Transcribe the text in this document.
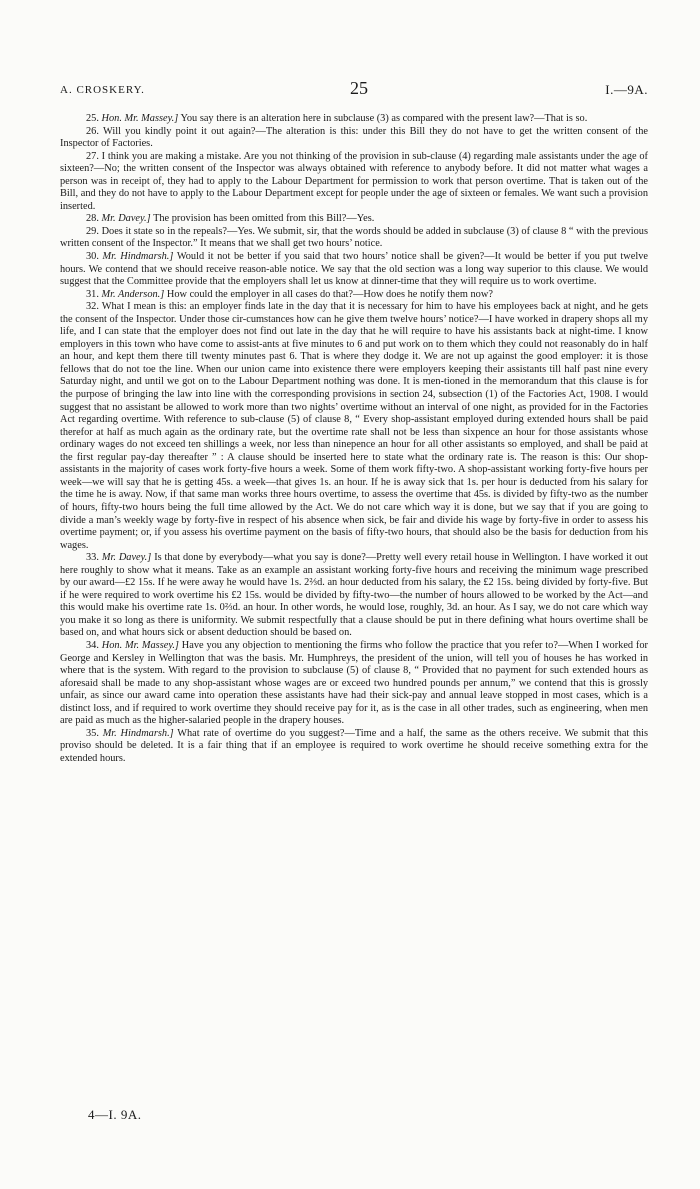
A. CROSKERY.	25	I.—9A.

25. Hon. Mr. Massey.] You say there is an alteration here in subclause (3) as compared with the present law?—That is so.

26. Will you kindly point it out again?—The alteration is this: under this Bill they do not have to get the written consent of the Inspector of Factories.

27. I think you are making a mistake. Are you not thinking of the provision in sub-clause (4) regarding male assistants under the age of sixteen?—No; the written consent of the Inspector was always obtained with reference to anybody before. It did not matter what wages a person was in receipt of, they had to apply to the Labour Department for permission to work that person overtime. That is taken out of the Bill, and they do not have to apply to the Labour Department except for people under the age of sixteen or females. We want such a provision inserted.

28. Mr. Davey.] The provision has been omitted from this Bill?—Yes.

29. Does it state so in the repeals?—Yes. We submit, sir, that the words should be added in subclause (3) of clause 8 “ with the previous written consent of the Inspector.” It means that we shall get two hours’ notice.

30. Mr. Hindmarsh.] Would it not be better if you said that two hours’ notice shall be given?—It would be better if you put twelve hours. We contend that we should receive reason-able notice. We say that the old section was a long way superior to this clause. We would suggest that the Committee provide that the employers shall let us know at dinner-time that they will require us to work overtime.

31. Mr. Anderson.] How could the employer in all cases do that?—How does he notify them now?

32. What I mean is this: an employer finds late in the day that it is necessary for him to have his employees back at night, and he gets the consent of the Inspector. Under those cir-cumstances how can he give them twelve hours’ notice?—I have worked in drapery shops all my life, and I can state that the employer does not find out late in the day that he will require to have his assistants back at night-time. I know employers in this town who have come to assist-ants at five minutes to 6 and put work on to them which they could not reasonably do in half an hour, and kept them there till twenty minutes past 6. That is where they dodge it. We are not up against the good employer: it is those fellows that do not toe the line. When our union came into existence there were employers keeping their assistants till half past nine every Saturday night, and until we got on to the Labour Department nothing was done. It is men-tioned in the memorandum that this clause is for the purpose of bringing the law into line with the corresponding provisions in section 24, subsection (1) of the Factories Act, 1908. I would suggest that no assistant be allowed to work more than two nights’ overtime without an interval of one night, as provided for in the Factories Act regarding overtime. With reference to sub-clause (5) of clause 8, “ Every shop-assistant employed during extended hours shall be paid therefor at half as much again as the ordinary rate, but the overtime rate shall not be less than sixpence an hour for those assistants whose ordinary wages do not exceed ten shillings a week, nor less than ninepence an hour for all other assistants so employed, and shall be paid at the first regular pay-day thereafter ” : A clause should be inserted here to state what the ordinary rate is. The reason is this: Our shop-assistants in the majority of cases work forty-five hours a week. Some of them work fifty-two. A shop-assistant working forty-five hours per week—we will say that he is getting 45s. a week—that gives 1s. an hour. If he is away sick that 1s. per hour is deducted from his salary for the time he is away. Now, if that same man works three hours overtime, to assess the overtime that 45s. is divided by fifty-two as the number of hours, fifty-two hours being the full time allowed by the Act. We do not care which way it is done, but we say that if you are going to divide a man’s weekly wage by forty-five in respect of his absence when sick, be fair and divide his wage by forty-five in order to assess his overtime payment; or, if you assess his overtime payment on the basis of fifty-two hours, that should also be the basis for deduction from his wages.

33. Mr. Davey.] Is that done by everybody—what you say is done?—Pretty well every retail house in Wellington. I have worked it out here roughly to show what it means. Take as an example an assistant working forty-five hours and receiving the minimum wage prescribed by our award—£2 15s. If he were away he would have 1s. 2⅔d. an hour deducted from his salary, the £2 15s. being divided by forty-five. But if he were required to work overtime his £2 15s. would be divided by fifty-two—the number of hours allowed to be worked by the Act—and this would make his overtime rate 1s. 0⅔d. an hour. In other words, he would lose, roughly, 3d. an hour. As I say, we do not care which way you make it so long as there is uniformity. We submit respectfully that a clause should be put in there defining what hours overtime shall be based on, and what hours sick or absent deduction should be based on.

34. Hon. Mr. Massey.] Have you any objection to mentioning the firms who follow the practice that you refer to?—When I worked for George and Kersley in Wellington that was the basis. Mr. Humphreys, the president of the union, will tell you of houses he has worked in where that is the system. With regard to the provision to subclause (5) of clause 8, “ Provided that no payment for such extended hours as aforesaid shall be made to any shop-assistant whose wages are or exceed two hundred pounds per annum,” we contend that this is grossly unfair, as since our award came into operation these assistants have had their sick-pay and annual leave stopped in most cases, which is a distinct loss, and if required to work overtime they should receive pay for it, as is the case in all other trades, such as engineering, when men are paid as much as the higher-salaried people in the drapery houses.

35. Mr. Hindmarsh.] What rate of overtime do you suggest?—Time and a half, the same as the others receive. We submit that this proviso should be deleted. It is a fair thing that if an employee is required to work overtime he should receive something extra for the extended hours.

4—I. 9A.
